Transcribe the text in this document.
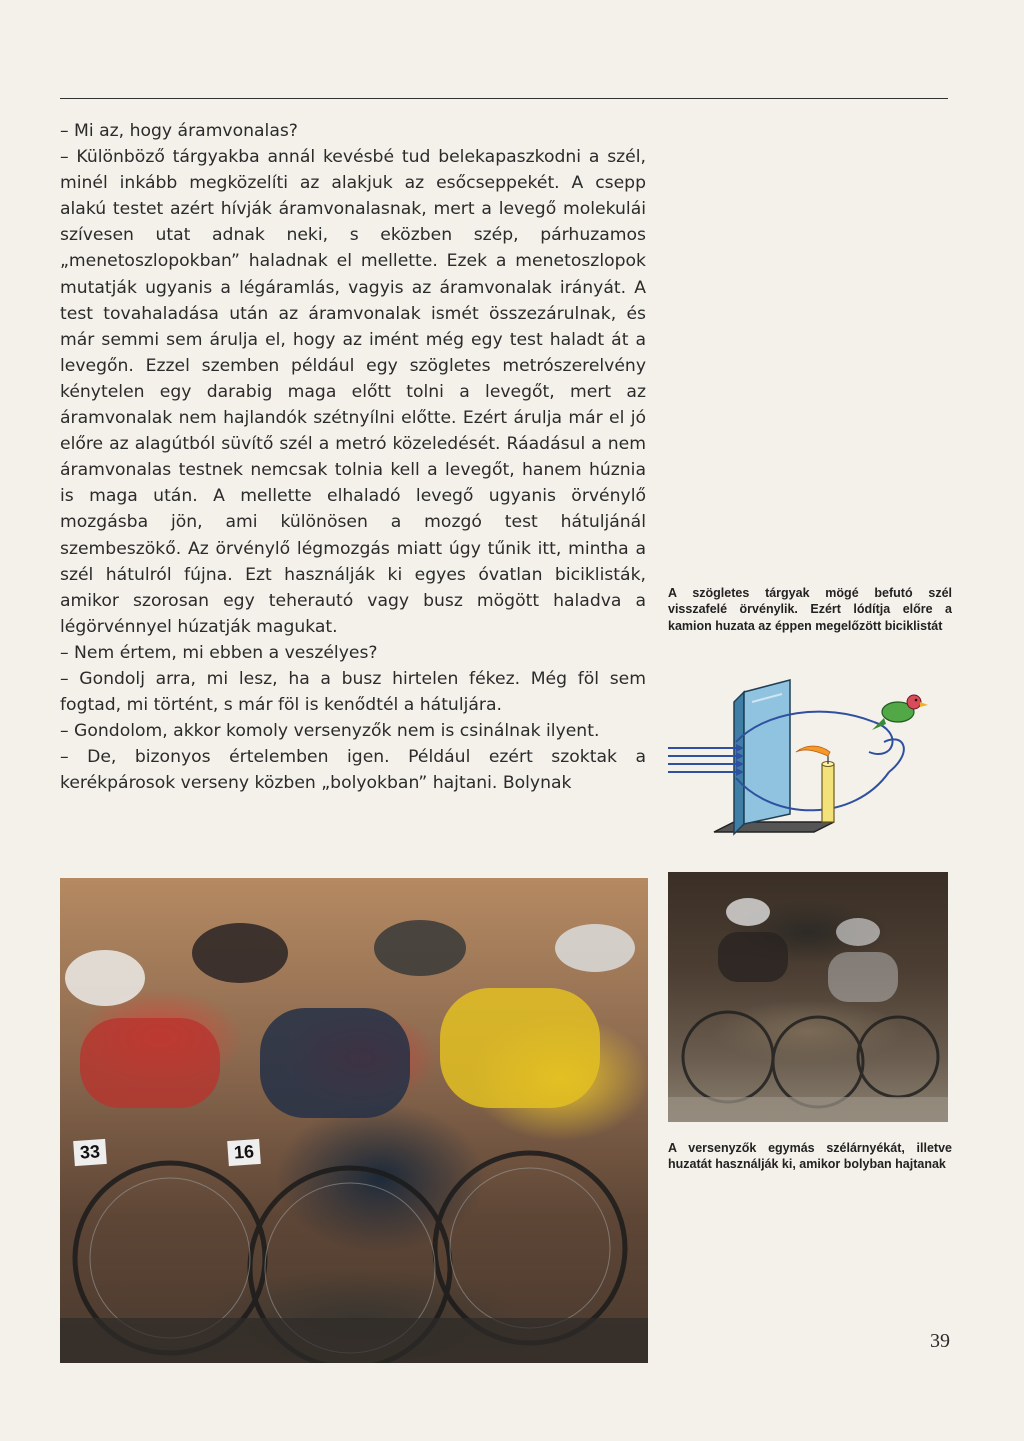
– Mi az, hogy áramvonalas?

– Különböző tárgyakba annál kevésbé tud belekapaszkodni a szél, minél inkább megközelíti az alakjuk az esőcseppekét. A csepp alakú testet azért hívják áramvonalasnak, mert a levegő molekulái szívesen utat adnak neki, s eközben szép, párhuzamos „menetoszlopokban” haladnak el mellette. Ezek a menetoszlopok mutatják ugyanis a légáramlás, vagyis az áramvonalak irányát. A test tovahaladása után az áramvonalak ismét összezárulnak, és már semmi sem árulja el, hogy az imént még egy test haladt át a levegőn. Ezzel szemben például egy szögletes metrószerelvény kénytelen egy darabig maga előtt tolni a levegőt, mert az áramvonalak nem hajlandók szétnyílni előtte. Ezért árulja már el jó előre az alagútból süvítő szél a metró közeledését. Ráadásul a nem áramvonalas testnek nemcsak tolnia kell a levegőt, hanem húznia is maga után. A mellette elhaladó levegő ugyanis örvénylő mozgásba jön, ami különösen a mozgó test hátuljánál szembeszökő. Az örvénylő légmozgás miatt úgy tűnik itt, mintha a szél hátulról fújna. Ezt használják ki egyes óvatlan biciklisták, amikor szorosan egy teherautó vagy busz mögött haladva a légörvénnyel húzatják magukat.

– Nem értem, mi ebben a veszélyes?

– Gondolj arra, mi lesz, ha a busz hirtelen fékez. Még föl sem fogtad, mi történt, s már föl is kenődtél a hátuljára.

– Gondolom, akkor komoly versenyzők nem is csinálnak ilyent.

– De, bizonyos értelemben igen. Például ezért szoktak a kerékpárosok verseny közben „bolyokban” hajtani. Bolynak

A szögletes tárgyak mögé befutó szél visszafelé örvénylik. Ezért lódítja előre a kamion huzata az éppen megelőzött biciklistát
33	16	A versenyzők egymás szélárnyékát, illetve huzatát használják ki, amikor bolyban hajtanak
39
